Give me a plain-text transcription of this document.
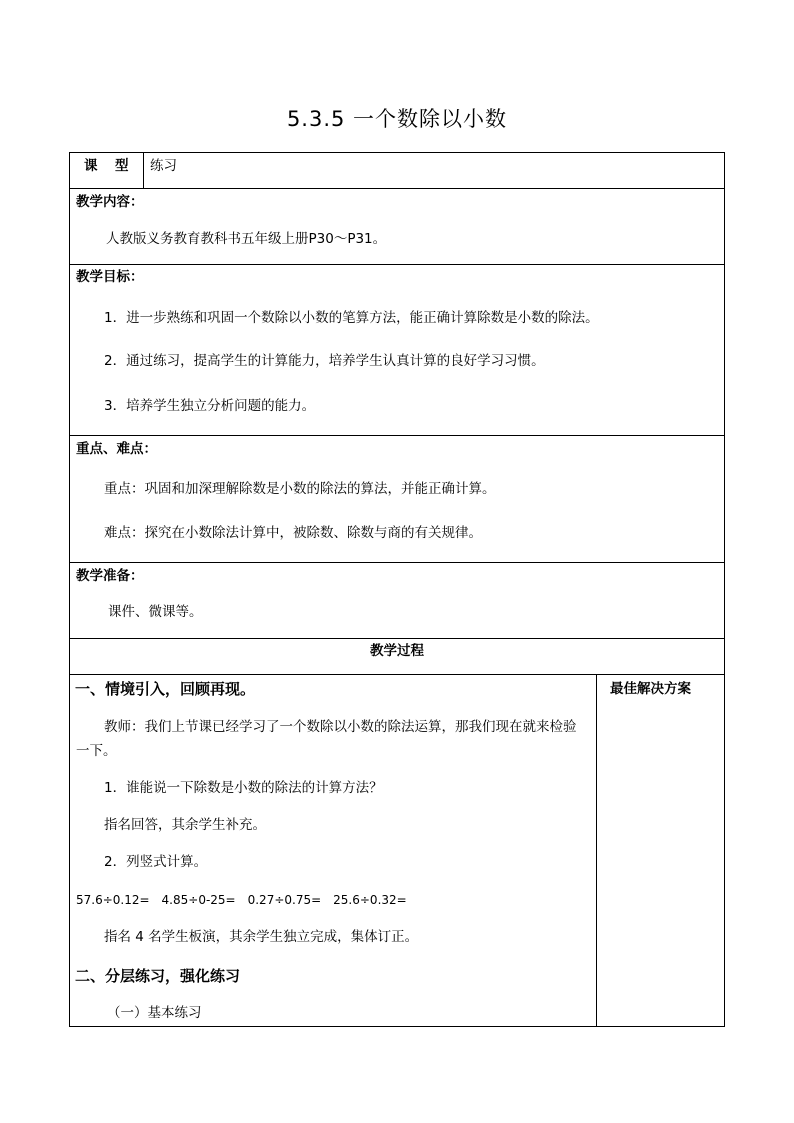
5.3.5 一个数除以小数
课　型 练习
教学内容：
人教版义务教育教科书五年级上册P30～P31。
教学目标：
1．进一步熟练和巩固一个数除以小数的笔算方法，能正确计算除数是小数的除法。
2．通过练习，提高学生的计算能力，培养学生认真计算的良好学习习惯。
3．培养学生独立分析问题的能力。
重点、难点：
重点：巩固和加深理解除数是小数的除法的算法，并能正确计算。
难点：探究在小数除法计算中，被除数、除数与商的有关规律。
教学准备：
课件、微课等。
教学过程
一、情境引入，回顾再现。	最佳解决方案
教师：我们上节课已经学习了一个数除以小数的除法运算，那我们现在就来检验
一下。
1．谁能说一下除数是小数的除法的计算方法？
指名回答，其余学生补充。
2．列竖式计算。
57.6÷0.12=　4.85÷0-25=　0.27÷0.75=　25.6÷0.32=
指名 4 名学生板演，其余学生独立完成，集体订正。
二、分层练习，强化练习
（一）基本练习
